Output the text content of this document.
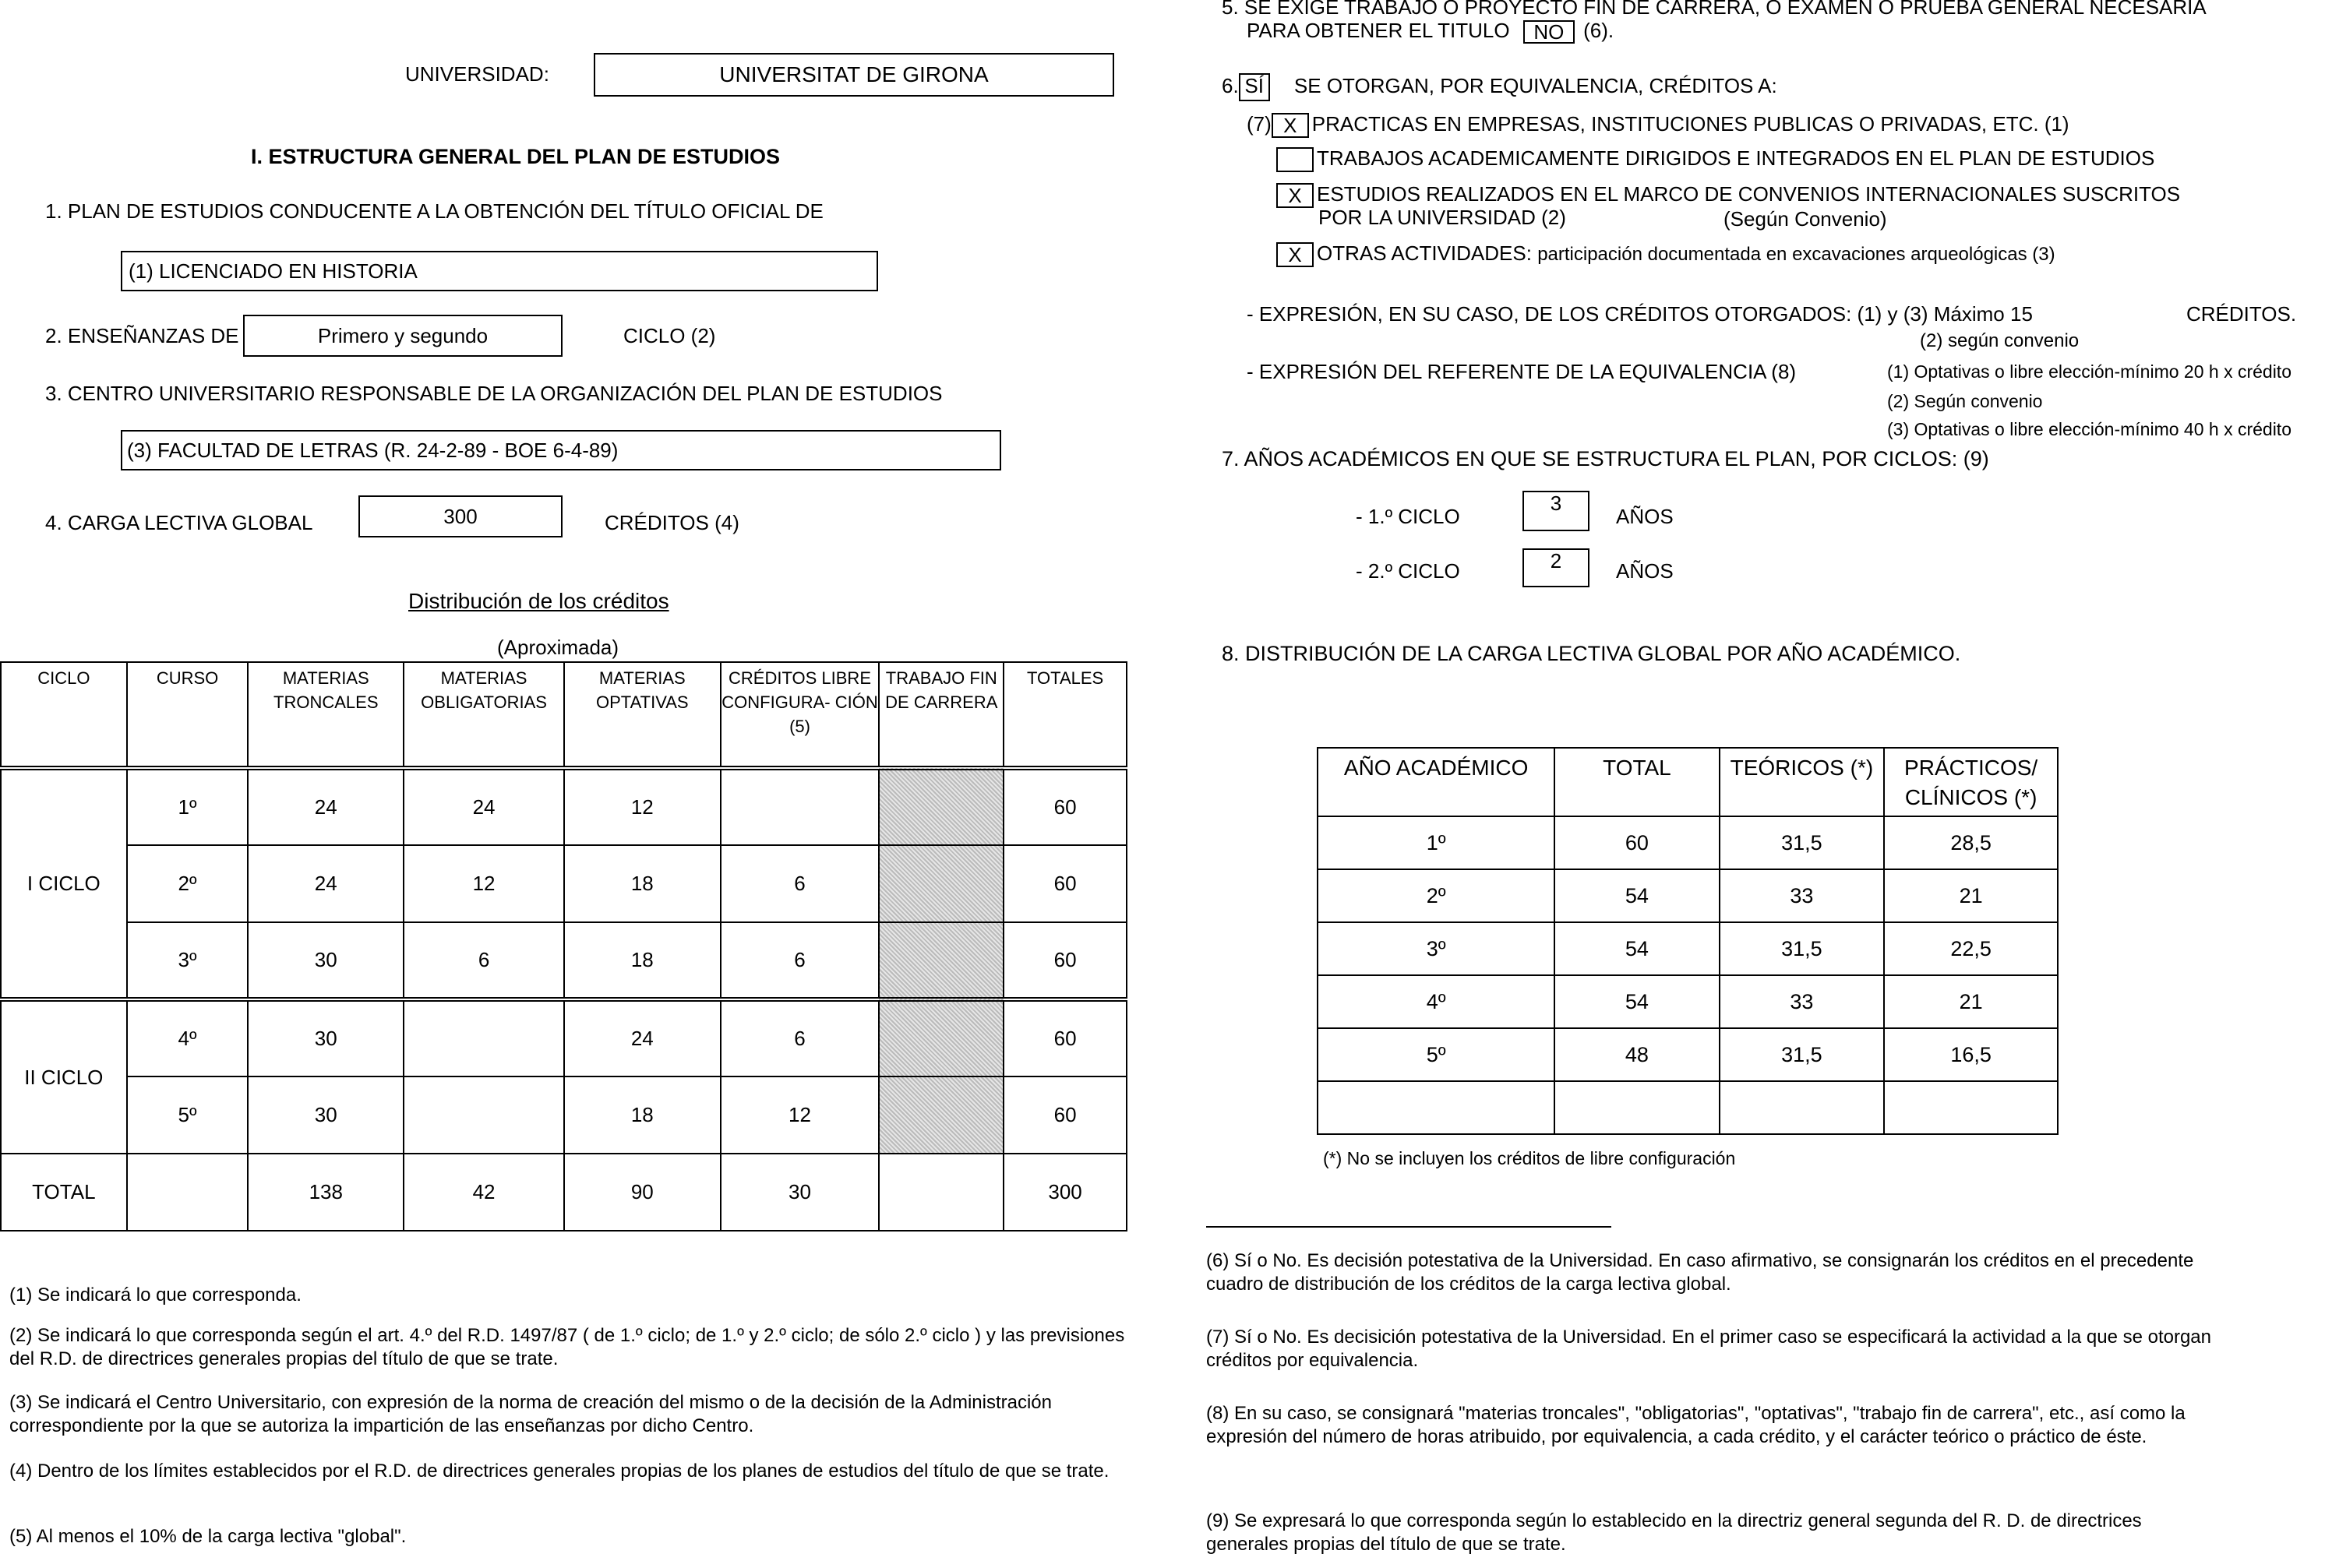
UNIVERSIDAD:	UNIVERSITAT DE GIRONA
I. ESTRUCTURA GENERAL DEL PLAN DE ESTUDIOS
1. PLAN DE ESTUDIOS CONDUCENTE A LA OBTENCIÓN DEL TÍTULO OFICIAL DE
(1) LICENCIADO EN HISTORIA
2. ENSEÑANZAS DE	Primero y segundo	CICLO (2)
3. CENTRO UNIVERSITARIO RESPONSABLE DE LA ORGANIZACIÓN DEL PLAN DE ESTUDIOS
(3) FACULTAD DE LETRAS (R. 24-2-89 - BOE 6-4-89)
4. CARGA LECTIVA GLOBAL	300	CRÉDITOS (4)
Distribución de los créditos
(Aproximada)
CICLO	CURSO	MATERIAS TRONCALES	MATERIAS OBLIGATORIAS	MATERIAS OPTATIVAS	CRÉDITOS LIBRE CONFIGURA- CIÓN (5)	TRABAJO FIN DE CARRERA	TOTALES
I CICLO	1º	24	24	12			60
	2º	24	12	18	6		60
	3º	30	6	18	6		60
II CICLO	4º	30		24	6		60
	5º	30		18	12		60
TOTAL		138	42	90	30		300
(1) Se indicará lo que corresponda.
(2) Se indicará lo que corresponda según el art. 4.º del R.D. 1497/87 ( de 1.º ciclo; de 1.º y 2.º ciclo; de sólo 2.º ciclo ) y las previsiones del R.D. de directrices generales propias del título de que se trate.
(3) Se indicará el Centro Universitario, con expresión de la norma de creación del mismo o de la decisión de la Administración correspondiente por la que se autoriza la impartición de las enseñanzas por dicho Centro.
(4) Dentro de los límites establecidos por el R.D. de directrices generales propias de los planes de estudios del título de que se trate.
(5) Al menos el 10% de la carga lectiva "global".
5. SE EXIGE TRABAJO O PROYECTO FIN DE CARRERA, O EXAMEN O PRUEBA GENERAL NECESARIA
PARA OBTENER EL TITULO NO (6).
6. SÍ SE OTORGAN, POR EQUIVALENCIA, CRÉDITOS A:
(7) X PRACTICAS EN EMPRESAS, INSTITUCIONES PUBLICAS O PRIVADAS, ETC. (1)
TRABAJOS ACADEMICAMENTE DIRIGIDOS E INTEGRADOS EN EL PLAN DE ESTUDIOS
X ESTUDIOS REALIZADOS EN EL MARCO DE CONVENIOS INTERNACIONALES SUSCRITOS
POR LA UNIVERSIDAD (2)	(Según Convenio)
X OTRAS ACTIVIDADES: participación documentada en excavaciones arqueológicas (3)
- EXPRESIÓN, EN SU CASO, DE LOS CRÉDITOS OTORGADOS: (1) y (3) Máximo 15	CRÉDITOS.
(2) según convenio
- EXPRESIÓN DEL REFERENTE DE LA EQUIVALENCIA (8)	(1) Optativas o libre elección-mínimo 20 h x crédito
(2) Según convenio
(3) Optativas o libre elección-mínimo 40 h x crédito
7. AÑOS ACADÉMICOS EN QUE SE ESTRUCTURA EL PLAN, POR CICLOS: (9)
- 1.º CICLO
3
AÑOS
- 2.º CICLO	2	AÑOS
8. DISTRIBUCIÓN DE LA CARGA LECTIVA GLOBAL POR AÑO ACADÉMICO.
AÑO ACADÉMICO	TOTAL	TEÓRICOS (*)	PRÁCTICOS/ CLÍNICOS (*)
1º	60	31,5	28,5
2º	54	33	21
3º	54	31,5	22,5
4º	54	33	21
5º	48	31,5	16,5

(*) No se incluyen los créditos de libre configuración
(6) Sí o No. Es decisión potestativa de la Universidad. En caso afirmativo, se consignarán los créditos en el precedente cuadro de distribución de los créditos de la carga lectiva global.
(7) Sí o No. Es decisición potestativa de la Universidad. En el primer caso se especificará la actividad a la que se otorgan créditos por equivalencia.
(8) En su caso, se consignará "materias troncales", "obligatorias", "optativas", "trabajo fin de carrera", etc., así como la expresión del número de horas atribuido, por equivalencia, a cada crédito, y el carácter teórico o práctico de éste.
(9) Se expresará lo que corresponda según lo establecido en la directriz general segunda del R. D. de directrices generales propias del título de que se trate.
